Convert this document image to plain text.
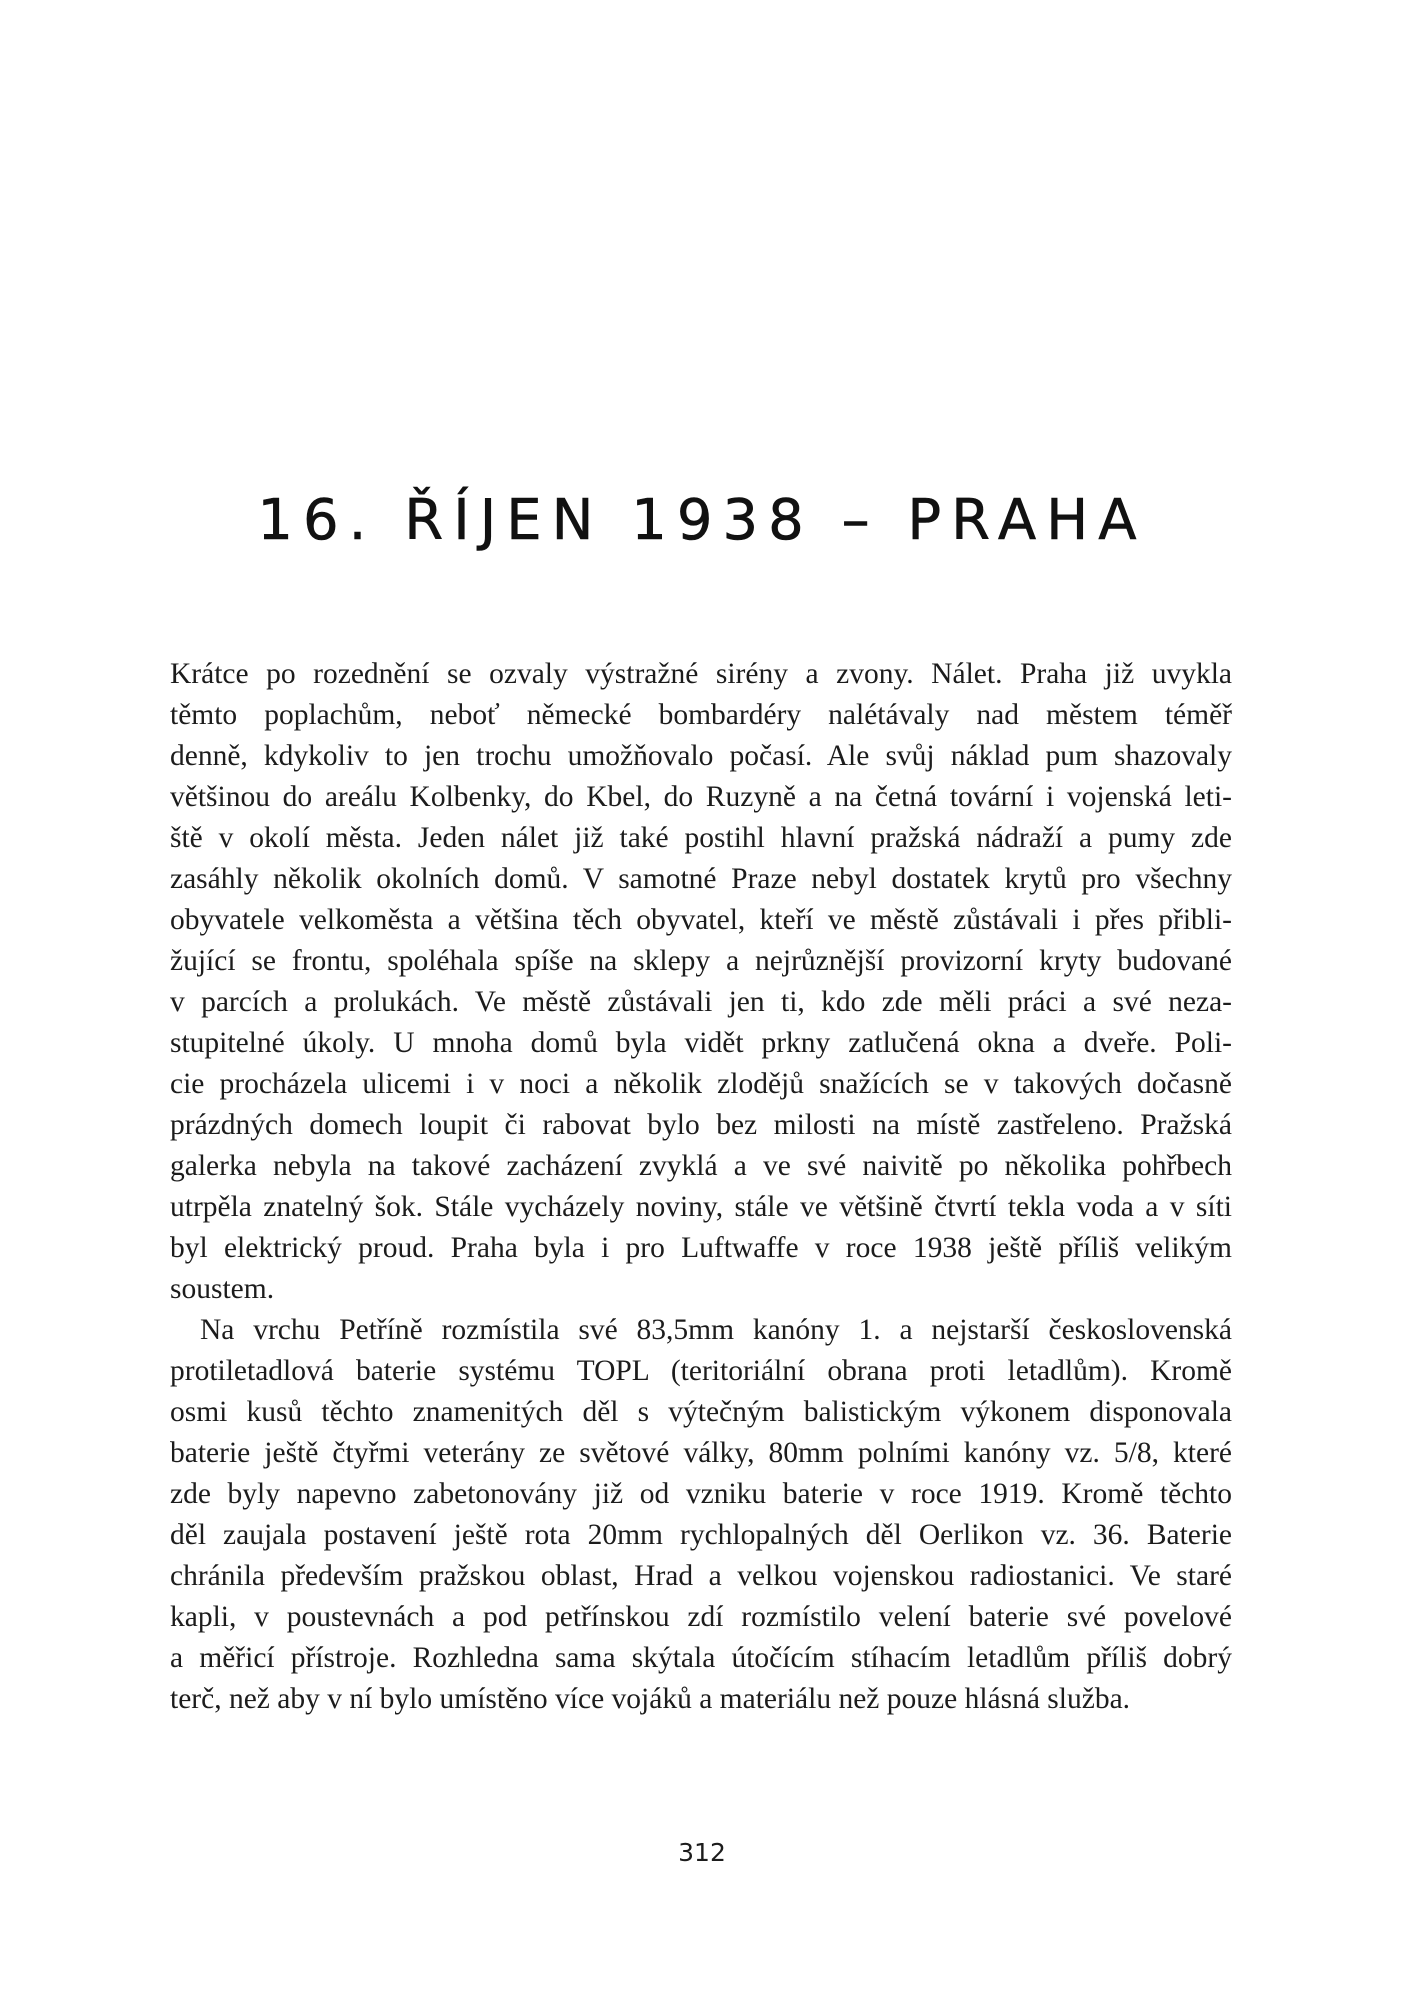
16. ŘÍJEN 1938 – PRAHA
Krátce po rozednění se ozvaly výstražné sirény a zvony. Nálet. Praha již uvykla
těmto poplachům, neboť německé bombardéry nalétávaly nad městem téměř
denně, kdykoliv to jen trochu umožňovalo počasí. Ale svůj náklad pum shazovaly
většinou do areálu Kolbenky, do Kbel, do Ruzyně a na četná tovární i vojenská leti-
ště v okolí města. Jeden nálet již také postihl hlavní pražská nádraží a pumy zde
zasáhly několik okolních domů. V samotné Praze nebyl dostatek krytů pro všechny
obyvatele velkoměsta a většina těch obyvatel, kteří ve městě zůstávali i přes přibli-
žující se frontu, spoléhala spíše na sklepy a nejrůznější provizorní kryty budované
v parcích a prolukách. Ve městě zůstávali jen ti, kdo zde měli práci a své neza-
stupitelné úkoly. U mnoha domů byla vidět prkny zatlučená okna a dveře. Poli-
cie procházela ulicemi i v noci a několik zlodějů snažících se v takových dočasně
prázdných domech loupit či rabovat bylo bez milosti na místě zastřeleno. Pražská
galerka nebyla na takové zacházení zvyklá a ve své naivitě po několika pohřbech
utrpěla znatelný šok. Stále vycházely noviny, stále ve většině čtvrtí tekla voda a v síti
byl elektrický proud. Praha byla i pro Luftwaffe v roce 1938 ještě příliš velikým
soustem.
Na vrchu Petříně rozmístila své 83,5mm kanóny 1. a nejstarší československá
protiletadlová baterie systému TOPL (teritoriální obrana proti letadlům). Kromě
osmi kusů těchto znamenitých děl s výtečným balistickým výkonem disponovala
baterie ještě čtyřmi veterány ze světové války, 80mm polními kanóny vz. 5/8, které
zde byly napevno zabetonovány již od vzniku baterie v roce 1919. Kromě těchto
děl zaujala postavení ještě rota 20mm rychlopalných děl Oerlikon vz. 36. Baterie
chránila především pražskou oblast, Hrad a velkou vojenskou radiostanici. Ve staré
kapli, v poustevnách a pod petřínskou zdí rozmístilo velení baterie své povelové
a měřicí přístroje. Rozhledna sama skýtala útočícím stíhacím letadlům příliš dobrý
terč, než aby v ní bylo umístěno více vojáků a materiálu než pouze hlásná služba.
312
